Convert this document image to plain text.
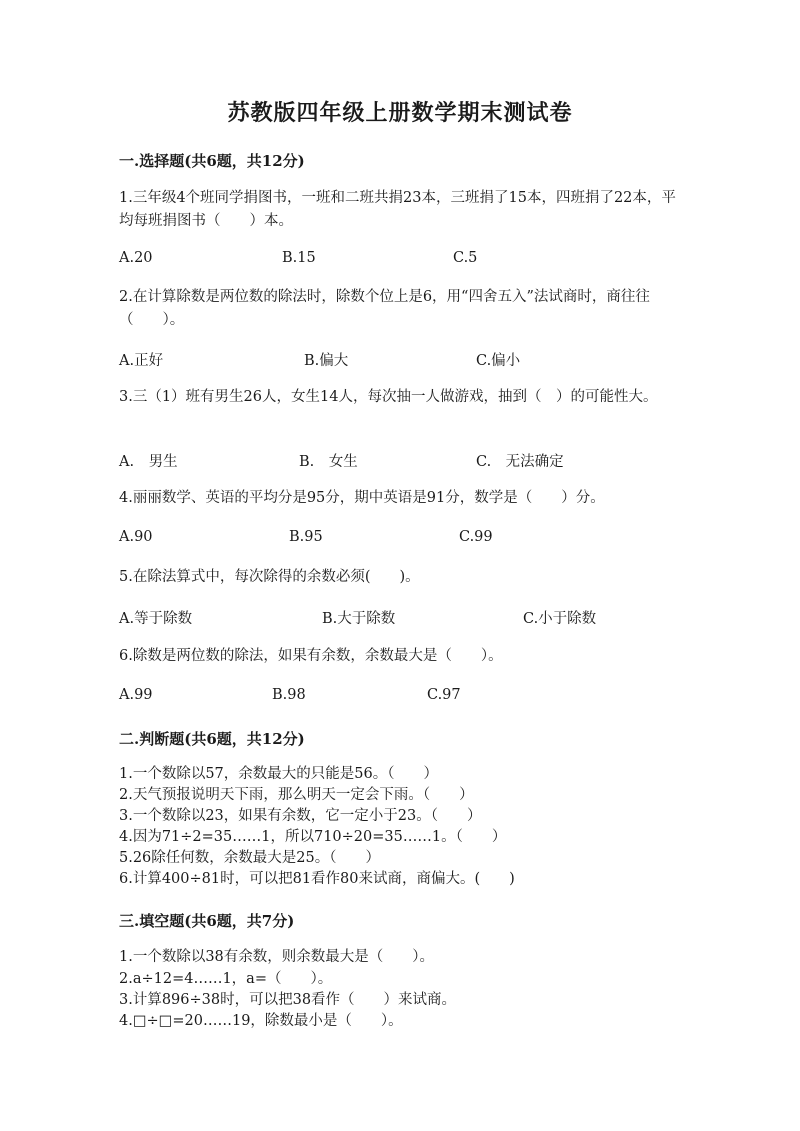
苏教版四年级上册数学期末测试卷
一.选择题(共6题，共12分)
1.三年级4个班同学捐图书，一班和二班共捐23本，三班捐了15本，四班捐了22本，平均每班捐图书（　　）本。
A.20	B.15	C.5
2.在计算除数是两位数的除法时，除数个位上是6，用“四舍五入”法试商时，商往往（　　）。
A.正好	B.偏大	C.偏小
3.三（1）班有男生26人，女生14人，每次抽一人做游戏，抽到（　）的可能性大。
A.　男生	B.　女生	C.　无法确定
4.丽丽数学、英语的平均分是95分，期中英语是91分，数学是（　　）分。
A.90	B.95	C.99
5.在除法算式中，每次除得的余数必须(　　)。
A.等于除数	B.大于除数	C.小于除数
6.除数是两位数的除法，如果有余数，余数最大是（　　）。
A.99	B.98	C.97
二.判断题(共6题，共12分)
1.一个数除以57，余数最大的只能是56。（　　）
2.天气预报说明天下雨，那么明天一定会下雨。（　　）
3.一个数除以23，如果有余数，它一定小于23。（　　）
4.因为71÷2=35……1，所以710÷20=35……1。（　　）
5.26除任何数，余数最大是25。（　　）
6.计算400÷81时，可以把81看作80来试商，商偏大。(　　)
三.填空题(共6题，共7分)
1.一个数除以38有余数，则余数最大是（　　）。
2.a÷12=4……1，a=（　　）。
3.计算896÷38时，可以把38看作（　　）来试商。
4.□÷□=20……19，除数最小是（　　）。
